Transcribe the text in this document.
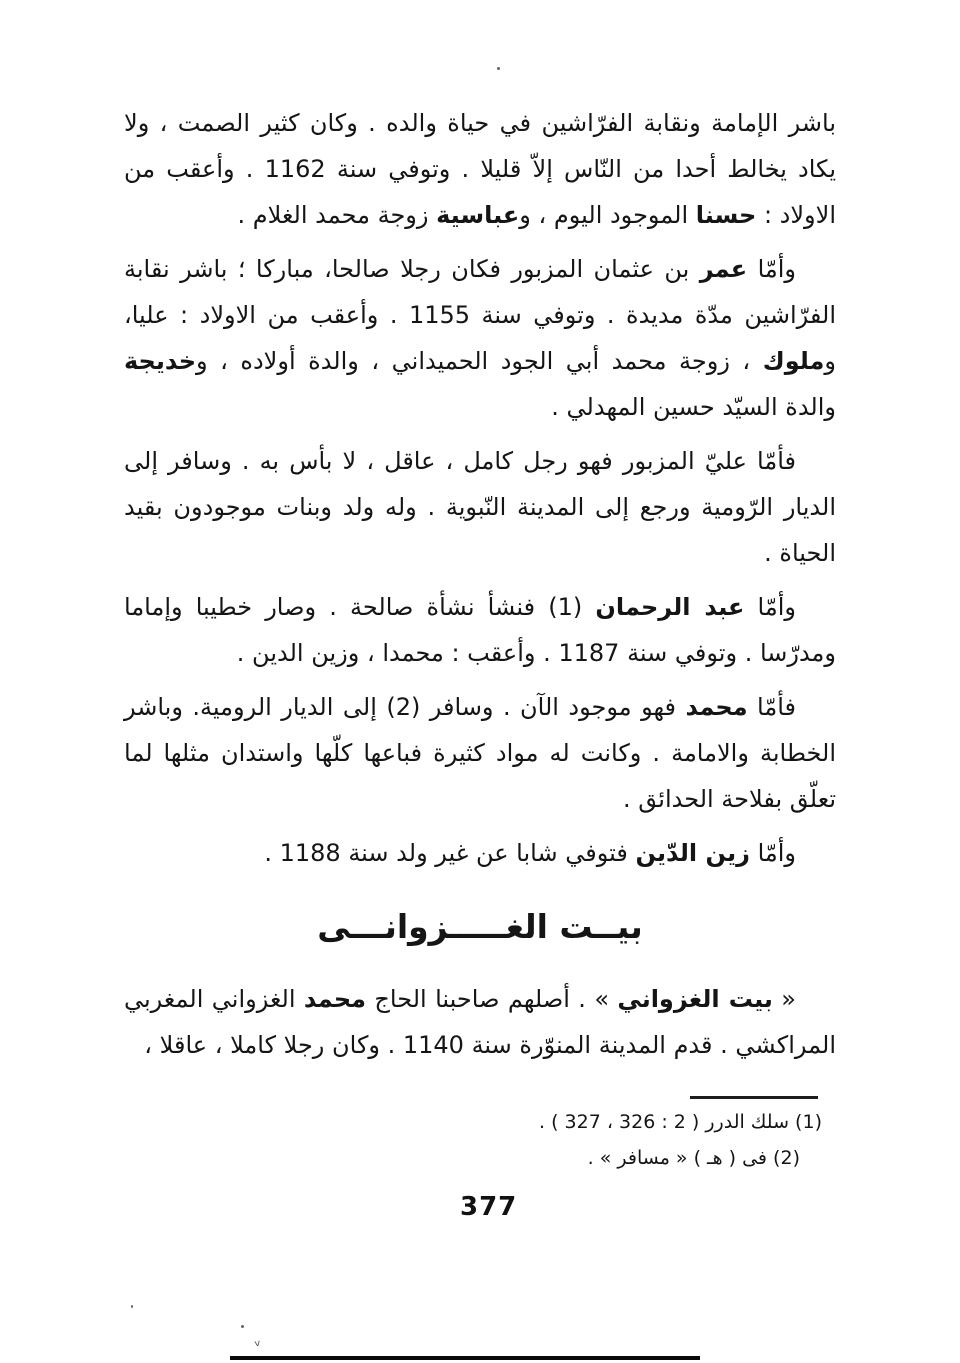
باشر الإمامة ونقابة الفرّاشين في حياة والده . وكان كثير الصمت ، ولا يكاد يخالط أحدا من النّاس إلاّ قليلا . وتوفي سنة 1162 . وأعقب من الاولاد : حسنا الموجود اليوم ، وعباسية زوجة محمد الغلام .

وأمّا عمر بن عثمان المزبور فكان رجلا صالحا، مباركا ؛ باشر نقابة الفرّاشين مدّة مديدة . وتوفي سنة 1155 . وأعقب من الاولاد : عليا، وملوك ، زوجة محمد أبي الجود الحميداني ، والدة أولاده ، وخديجة والدة السيّد حسين المهدلي .

فأمّا عليّ المزبور فهو رجل كامل ، عاقل ، لا بأس به . وسافر إلى الديار الرّومية ورجع إلى المدينة النّبوية . وله ولد وبنات موجودون بقيد الحياة .

وأمّا عبد الرحمان (1) فنشأ نشأة صالحة . وصار خطيبا وإماما ومدرّسا . وتوفي سنة 1187 . وأعقب : محمدا ، وزين الدين .

فأمّا محمد فهو موجود الآن . وسافر (2) إلى الديار الرومية. وباشر الخطابة والامامة . وكانت له مواد كثيرة فباعها كلّها واستدان مثلها لما تعلّق بفلاحة الحدائق .

وأمّا زين الدّين فتوفي شابا عن غير ولد سنة 1188 .

بيــت الغـــــزوانـــى

« بيت الغزواني » . أصلهم صاحبنا الحاج محمد الغزواني المغربي المراكشي . قدم المدينة المنوّرة سنة 1140 . وكان رجلا كاملا ، عاقلا ،

(1) سلك الدرر ( 2 : 326 ، 327 ) .
(2) فى ( هـ ) « مسافر » .
377
ᵥ
